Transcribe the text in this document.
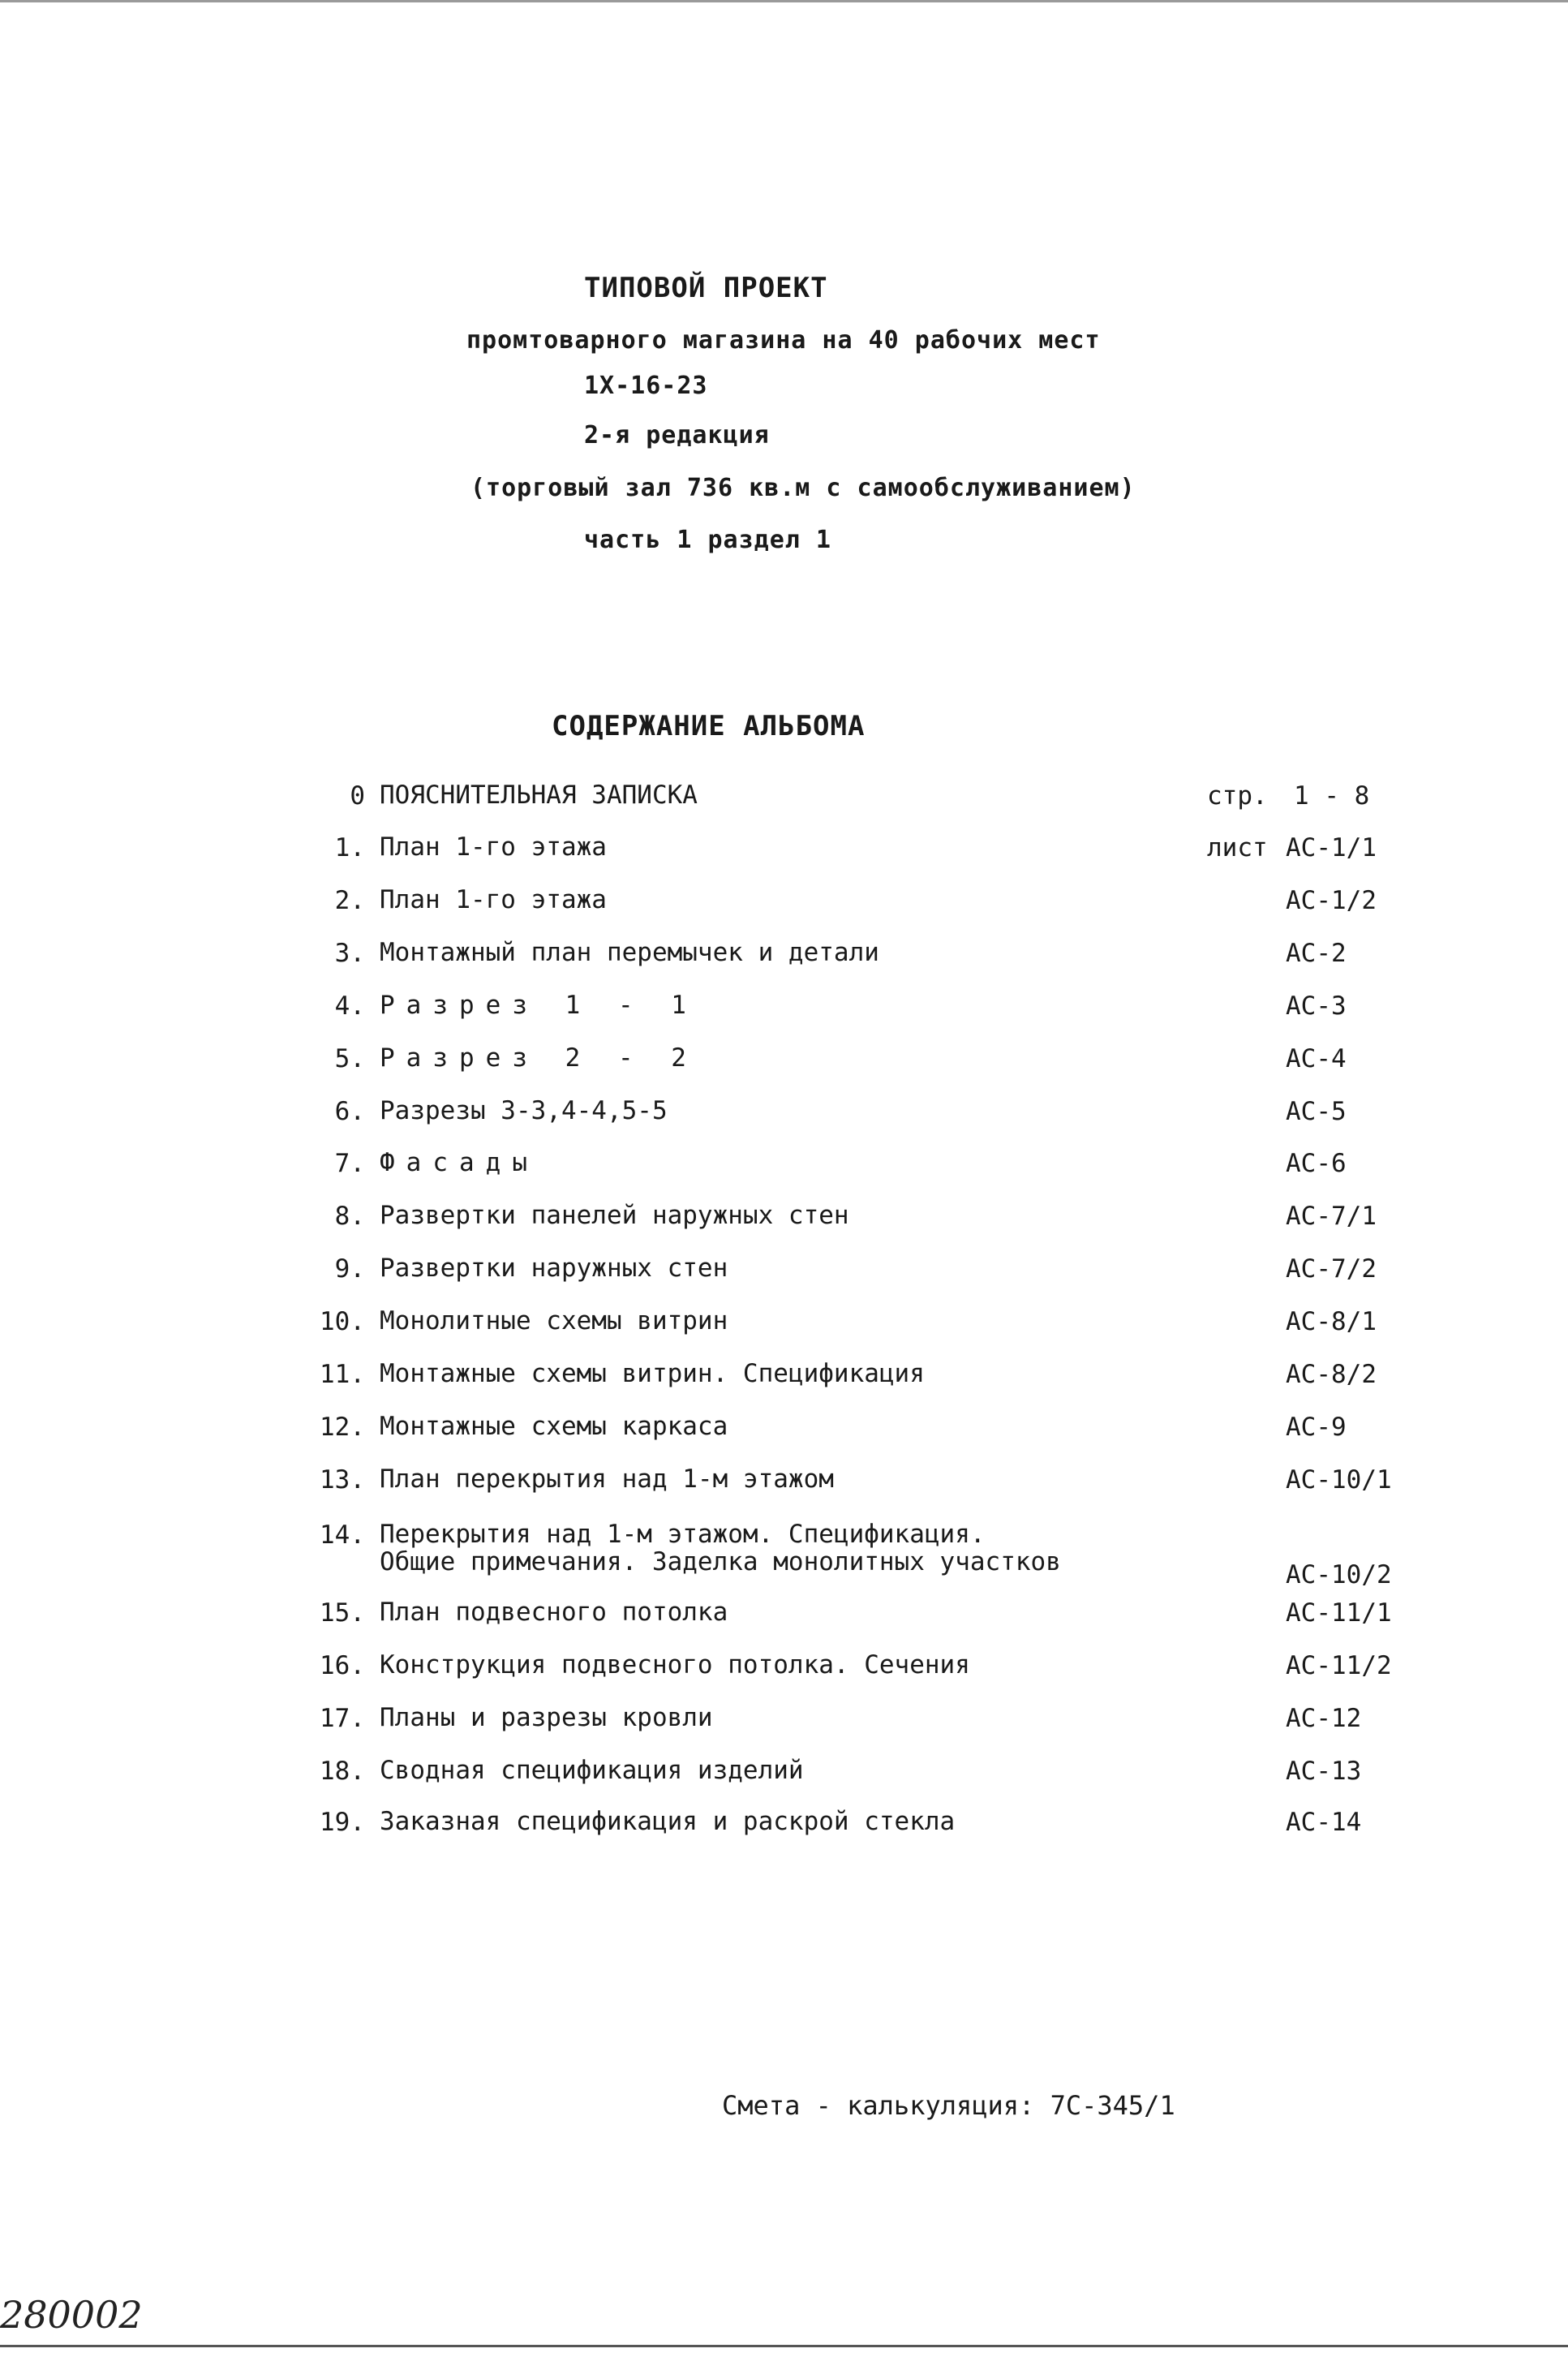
ТИПОВОЙ ПРОЕКТ
промтоварного магазина на 40 рабочих мест
1Х-16-23
2-я редакция
(торговый зал 736 кв.м с самообслуживанием)
часть 1 раздел 1
СОДЕРЖАНИЕ АЛЬБОМА
0 ПОЯСНИТЕЛЬНАЯ ЗАПИСКА	стр. 1 - 8
1. План 1-го этажа	лист АС-1/1
2. План 1-го этажа	АС-1/2
3. Монтажный план перемычек и детали	АС-2
4. Разрез 1 - 1	АС-3
5. Разрез 2 - 2	АС-4
6. Разрезы 3-3,4-4,5-5	АС-5
7. Фасады	АС-6
8. Развертки панелей наружных стен	АС-7/1
9. Развертки наружных стен	АС-7/2
10. Монолитные схемы витрин	АС-8/1
11. Монтажные схемы витрин. Спецификация	АС-8/2
12. Монтажные схемы каркаса	АС-9
13. План перекрытия над 1-м этажом	АС-10/1
14. Перекрытия над 1-м этажом. Спецификация.
Общие примечания. Заделка монолитных участков	АС-10/2
15. План подвесного потолка	АС-11/1
16. Конструкция подвесного потолка. Сечения	АС-11/2
17. Планы и разрезы кровли	АС-12
18. Сводная спецификация изделий	АС-13
19. Заказная спецификация и раскрой стекла	АС-14
Смета - калькуляция: 7С-345/1
280002
